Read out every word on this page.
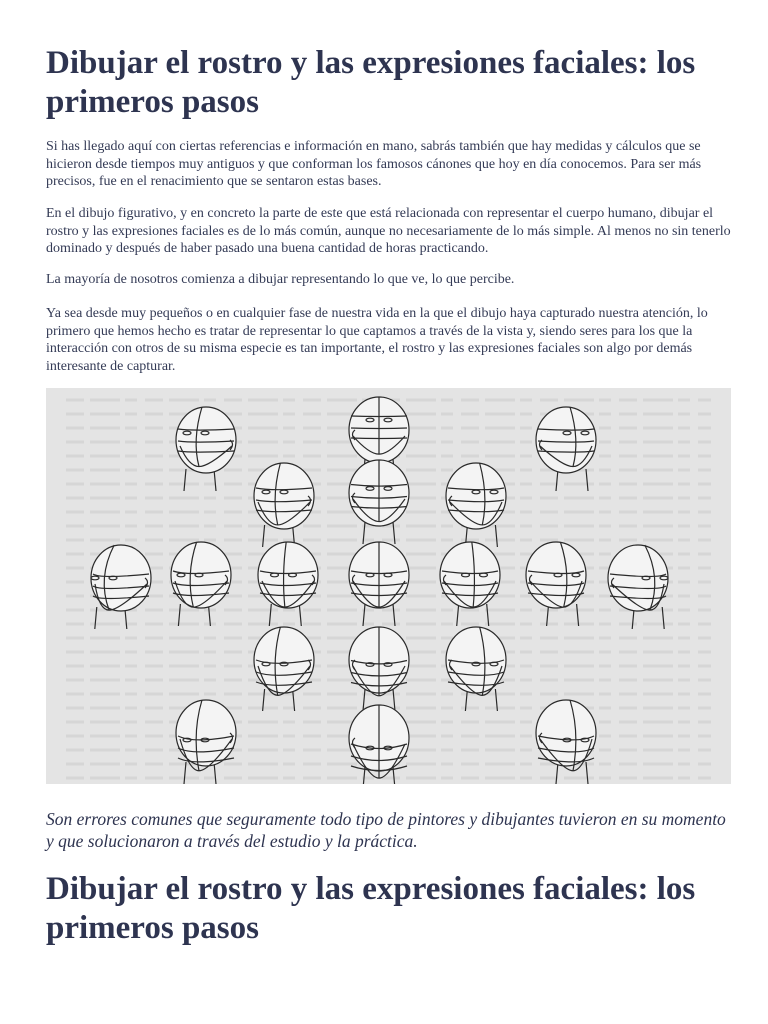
Dibujar el rostro y las expresiones faciales: los primeros pasos

Si has llegado aquí con ciertas referencias e información en mano, sabrás también que hay medidas y cálculos que se hicieron desde tiempos muy antiguos y que conforman los famosos cánones que hoy en día conocemos. Para ser más precisos, fue en el renacimiento que se sentaron estas bases.

En el dibujo figurativo, y en concreto la parte de este que está relacionada con representar el cuerpo humano, dibujar el rostro y las expresiones faciales es de lo más común, aunque no necesariamente de lo más simple. Al menos no sin tenerlo dominado y después de haber pasado una buena cantidad de horas practicando.

La mayoría de nosotros comienza a dibujar representando lo que ve, lo que percibe.

Ya sea desde muy pequeños o en cualquier fase de nuestra vida en la que el dibujo haya capturado nuestra atención, lo primero que hemos hecho es tratar de representar lo que captamos a través de la vista y, siendo seres para los que la interacción con otros de su misma especie es tan importante, el rostro y las expresiones faciales son algo por demás interesante de capturar.

Son errores comunes que seguramente todo tipo de pintores y dibujantes tuvieron en su momento y que solucionaron a través del estudio y la práctica.

Dibujar el rostro y las expresiones faciales: los primeros pasos
